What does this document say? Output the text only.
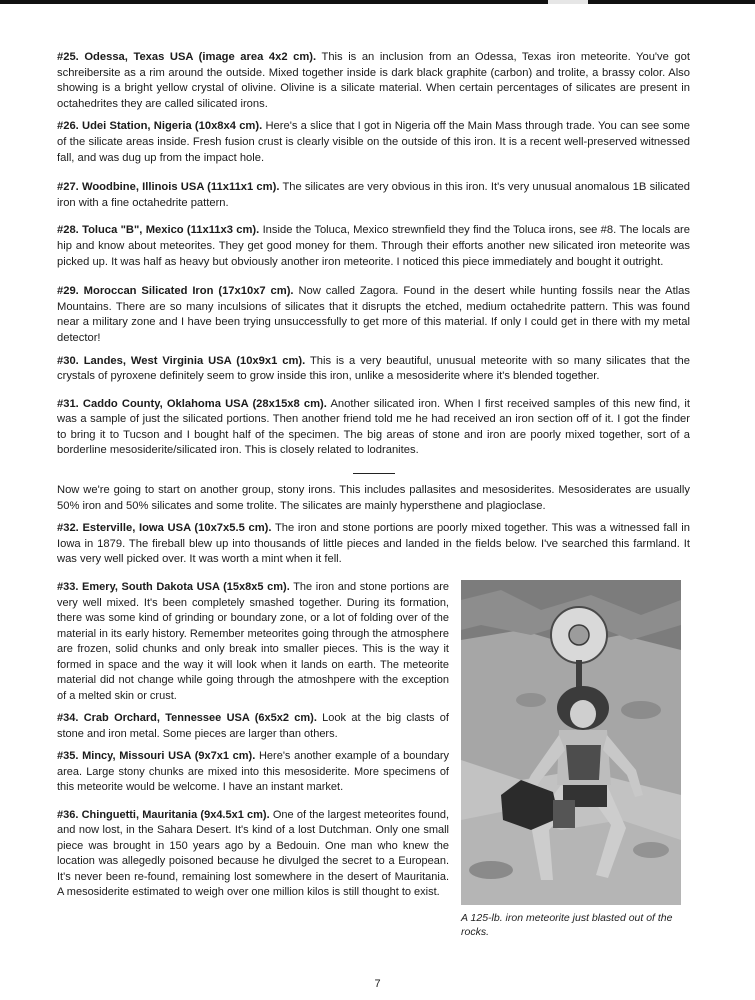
#25. Odessa, Texas USA (image area 4x2 cm). This is an inclusion from an Odessa, Texas iron meteorite. You've got schreibersite as a rim around the outside. Mixed together inside is dark black graphite (carbon) and trolite, a brassy color. Also showing is a bright yellow crystal of olivine. Olivine is a silicate material. When certain percentages of silicates are present in octahedrites they are called silicated irons.

#26. Udei Station, Nigeria (10x8x4 cm). Here's a slice that I got in Nigeria off the Main Mass through trade. You can see some of the silicate areas inside. Fresh fusion crust is clearly visible on the outside of this iron. It is a recent well-preserved witnessed fall, and was dug up from the impact hole.

#27. Woodbine, Illinois USA (11x11x1 cm). The silicates are very obvious in this iron. It's very unusual anomalous 1B silicated iron with a fine octahedrite pattern.

#28. Toluca "B", Mexico (11x11x3 cm). Inside the Toluca, Mexico strewnfield they find the Toluca irons, see #8. The locals are hip and know about meteorites. They get good money for them. Through their efforts another new silicated iron meteorite was picked up. It was half as heavy but obviously another iron meteorite. I noticed this piece immediately and bought it outright.

#29. Moroccan Silicated Iron (17x10x7 cm). Now called Zagora. Found in the desert while hunting fossils near the Atlas Mountains. There are so many inculsions of silicates that it disrupts the etched, medium octahedrite pattern. This was found near a military zone and I have been trying unsuccessfully to get more of this material. If only I could get in there with my metal detector!

#30. Landes, West Virginia USA (10x9x1 cm). This is a very beautiful, unusual meteorite with so many silicates that the crystals of pyroxene definitely seem to grow inside this iron, unlike a mesosiderite where it's blended together.

#31. Caddo County, Oklahoma USA (28x15x8 cm). Another silicated iron. When I first received samples of this new find, it was a sample of just the silicated portions. Then another friend told me he had received an iron section off of it. I got the finder to bring it to Tucson and I bought half of the specimen. The big areas of stone and iron are poorly mixed together, sort of a borderline mesosiderite/silicated iron. This is closely related to lodranites.

Now we're going to start on another group, stony irons. This includes pallasites and mesosiderites. Mesosiderates are usually 50% iron and 50% silicates and some trolite. The silicates are mainly hypersthene and plagioclase.

#32. Esterville, Iowa USA (10x7x5.5 cm). The iron and stone portions are poorly mixed together. This was a witnessed fall in Iowa in 1879. The fireball blew up into thousands of little pieces and landed in the fields below. I've searched this farmland. It was very well picked over. It was worth a mint when it fell.

#33. Emery, South Dakota USA (15x8x5 cm). The iron and stone portions are very well mixed. It's been completely smashed together. During its formation, there was some kind of grinding or boundary zone, or a lot of folding over of the material in its early history. Remember meteorites going through the atmosphere are frozen, solid chunks and only break into smaller pieces. This is the way it formed in space and the way it will look when it lands on earth. The meteorite material did not change while going through the atmoshpere with the exception of a melted skin or crust.

#34. Crab Orchard, Tennessee USA (6x5x2 cm). Look at the big clasts of stone and iron metal. Some pieces are larger than others.

#35. Mincy, Missouri USA (9x7x1 cm). Here's another example of a boundary area. Large stony chunks are mixed into this mesosiderite. More specimens of this meteorite would be welcome. I have an instant market.

#36. Chinguetti, Mauritania (9x4.5x1 cm). One of the largest meteorites found, and now lost, in the Sahara Desert. It's kind of a lost Dutchman. Only one small piece was brought in 150 years ago by a Bedouin. One man who knew the location was allegedly poisoned because he divulged the secret to a European. It's never been re-found, remaining lost somewhere in the desert of Mauritania. A mesosiderite estimated to weigh over one million kilos is still thought to exist.

A 125-lb. iron meteorite just blasted out of the rocks.
7
